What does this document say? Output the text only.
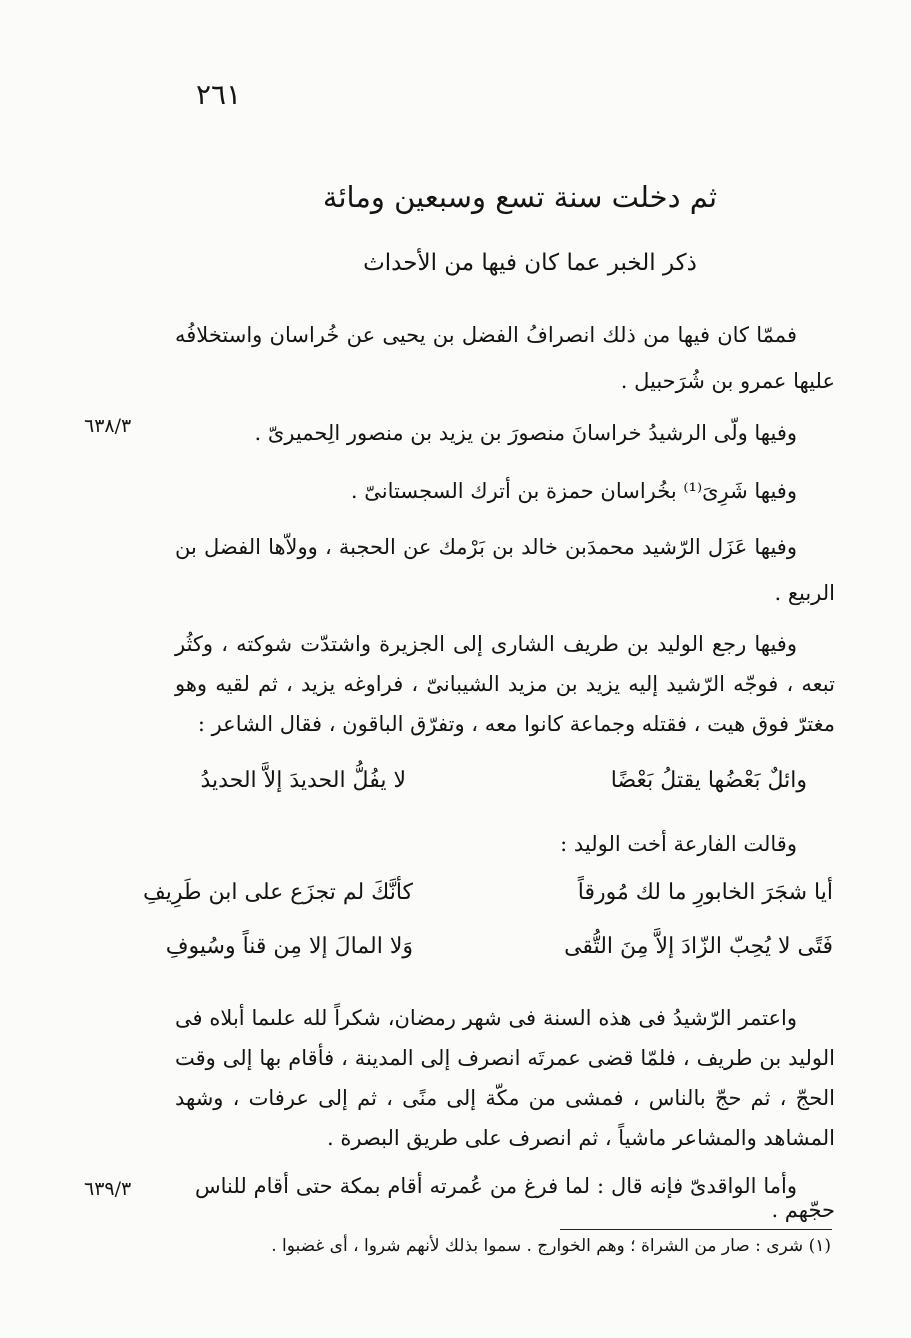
٢٦١
ثم دخلت سنة تسع وسبعين ومائة
ذكر الخبر عما كان فيها من الأحداث
فممّا كان فيها من ذلك انصرافُ الفضل بن يحيى عن خُراسان واستخلافُه عليها عمرو بن شُرَحبيل .
وفيها ولّى الرشيدُ خراسانَ منصورَ بن يزيد بن منصور الِحميرىّ .
٦٣٨/٣
وفيها شَرِىَ⁽¹⁾ بخُراسان حمزة بن أترك السجستانىّ .
وفيها عَزَل الرّشيد محمدَبن خالد بن بَرْمك عن الحجبة ، وولاّها الفضل بن الربيع .
وفيها رجع الوليد بن طريف الشارى إلى الجزيرة واشتدّت شوكته ، وكثُر تبعه ، فوجّه الرّشيد إليه يزيد بن مزيد الشيبانىّ ، فراوغه يزيد ، ثم لقيه وهو مغترّ فوق هيت ، فقتله وجماعة كانوا معه ، وتفرّق الباقون ، فقال الشاعر :
وائلٌ بَعْضُها يقتلُ بَعْضًا
لا يفُلُّ الحديدَ إلاَّ الحديدُ
وقالت الفارعة أخت الوليد :
أيا شجَرَ الخابورِ ما لك مُورقاً
كأنَّكَ لم تجزَع على ابن طَرِيفِ
فَتًى لا يُحِبّ الزّادَ إلاَّ مِنَ التُّقى
وَلا المالَ إلا مِن قناً وسُيوفِ
واعتمر الرّشيدُ فى هذه السنة فى شهر رمضان، شكراً لله علىما أبلاه فى الوليد بن طريف ، فلمّا قضى عمرتَه انصرف إلى المدينة ، فأقام بها إلى وقت الحجّ ، ثم حجّ بالناس ، فمشى من مكّة إلى منًى ، ثم إلى عرفات ، وشهد المشاهد والمشاعر ماشياً ، ثم انصرف على طريق البصرة .
وأما الواقدىّ فإنه قال : لما فرغ من عُمرته أقام بمكة حتى أقام للناس حجّهم .
٦٣٩/٣
(١) شرى : صار من الشراة ؛ وهم الخوارج . سموا بذلك لأنهم شروا ، أى غضبوا .
